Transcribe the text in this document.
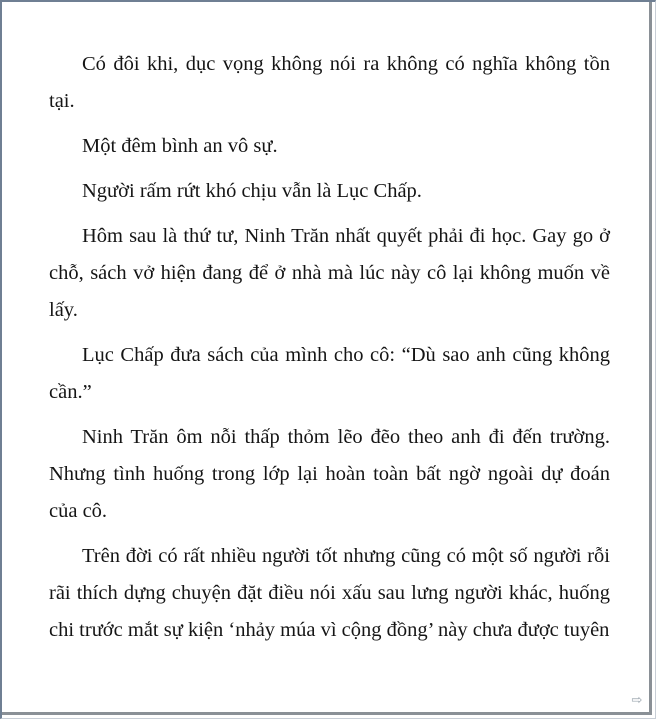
Có đôi khi, dục vọng không nói ra không có nghĩa không tồn tại.

Một đêm bình an vô sự.

Người rấm rứt khó chịu vẫn là Lục Chấp.

Hôm sau là thứ tư, Ninh Trăn nhất quyết phải đi học. Gay go ở chỗ, sách vở hiện đang để ở nhà mà lúc này cô lại không muốn về lấy.

Lục Chấp đưa sách của mình cho cô: “Dù sao anh cũng không cần.”

Ninh Trăn ôm nỗi thấp thỏm lẽo đẽo theo anh đi đến trường. Nhưng tình huống trong lớp lại hoàn toàn bất ngờ ngoài dự đoán của cô.

Trên đời có rất nhiều người tốt nhưng cũng có một số người rỗi rãi thích dựng chuyện đặt điều nói xấu sau lưng người khác, huống chi trước mắt sự kiện ‘nhảy múa vì cộng đồng’ này chưa được tuyên

⇨
